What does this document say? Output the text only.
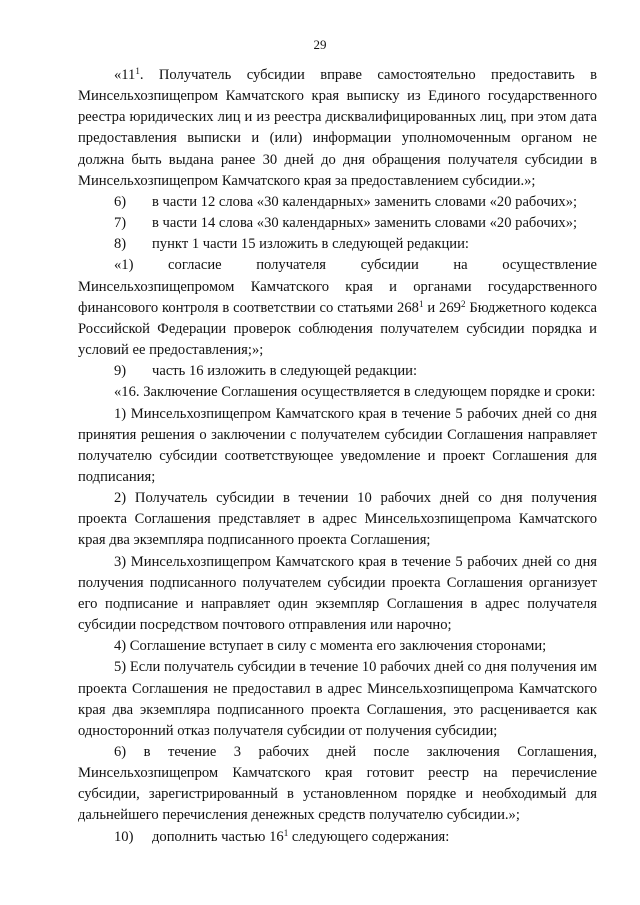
29

«$11^1$. Получатель субсидии вправе самостоятельно предоставить в Минсельхозпищепром Камчатского края выписку из Единого государственного реестра юридических лиц и из реестра дисквалифицированных лиц, при этом дата предоставления выписки и (или) информации уполномоченным органом не должна быть выдана ранее 30 дней до дня обращения получателя субсидии в Минсельхозпищепром Камчатского края за предоставлением субсидии.»;

6) в части 12 слова «30 календарных» заменить словами «20 рабочих»;

7) в части 14 слова «30 календарных» заменить словами «20 рабочих»;

8) пункт 1 части 15 изложить в следующей редакции:

«1) согласие получателя субсидии на осуществление Минсельхозпищепромом Камчатского края и органами государственного финансового контроля в соответствии со статьями $268^1$ и $269^2$ Бюджетного кодекса Российской Федерации проверок соблюдения получателем субсидии порядка и условий ее предоставления;»;

9) часть 16 изложить в следующей редакции:

«16. Заключение Соглашения осуществляется в следующем порядке и сроки:

1) Минсельхозпищепром Камчатского края в течение 5 рабочих дней со дня принятия решения о заключении с получателем субсидии Соглашения направляет получателю субсидии соответствующее уведомление и проект Соглашения для подписания;

2) Получатель субсидии в течении 10 рабочих дней со дня получения проекта Соглашения представляет в адрес Минсельхозпищепрома Камчатского края два экземпляра подписанного проекта Соглашения;

3) Минсельхозпищепром Камчатского края в течение 5 рабочих дней со дня получения подписанного получателем субсидии проекта Соглашения организует его подписание и направляет один экземпляр Соглашения в адрес получателя субсидии посредством почтового отправления или нарочно;

4) Соглашение вступает в силу с момента его заключения сторонами;

5) Если получатель субсидии в течение 10 рабочих дней со дня получения им проекта Соглашения не предоставил в адрес Минсельхозпищепрома Камчатского края два экземпляра подписанного проекта Соглашения, это расценивается как односторонний отказ получателя субсидии от получения субсидии;

6) в течение 3 рабочих дней после заключения Соглашения, Минсельхозпищепром Камчатского края готовит реестр на перечисление субсидии, зарегистрированный в установленном порядке и необходимый для дальнейшего перечисления денежных средств получателю субсидии.»;

10) дополнить частью $16^1$ следующего содержания:
